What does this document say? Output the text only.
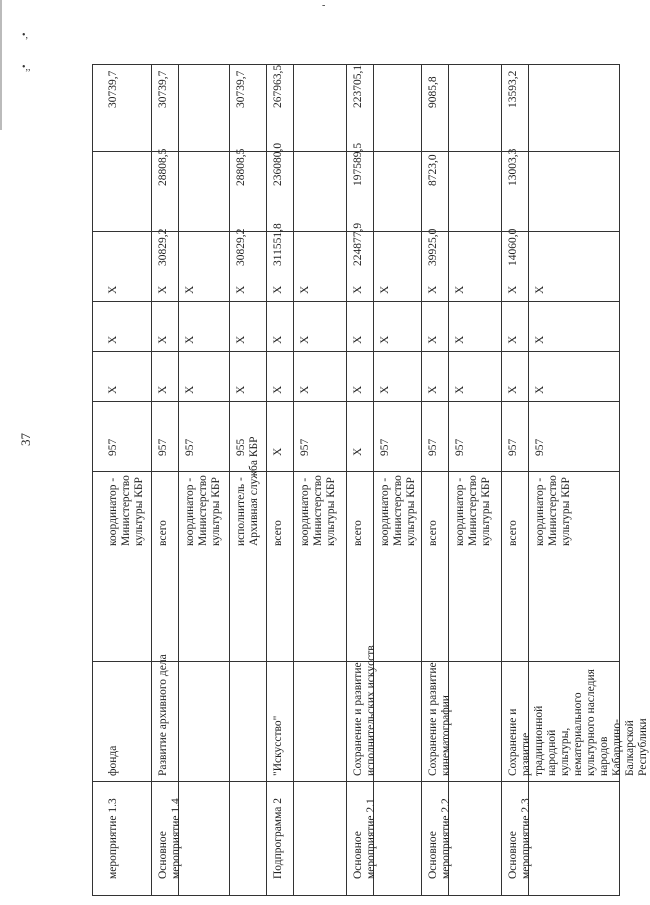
•,
•,,
-
37
мероприятие 1.3
фонда
координатор -
Министерство
культуры КБР
957
X
X
X
30739,7
Основное
мероприятие 1.4
Развитие архивного дела
всего
957
X
X
X
30829,2
28808,5
30739,7
координатор -
Министерство
культуры КБР
957
X
X
X
исполнитель -
Архивная служба КБР
955
X
X
X
30829,2
28808,5
30739,7
Подпрограмма 2
"Искусство"
всего
X
X
X
X
311551,8
236080,0
267963,5
координатор -
Министерство
культуры КБР
957
X
X
X
Основное
мероприятие 2.1
Сохранение и развитие
исполнительских искусств
всего
X
X
X
X
224877,9
197589,5
223705,1
координатор -
Министерство
культуры КБР
957
X
X
X
Основное
мероприятие 2.2
Сохранение и развитие
кинематографии
всего
957
X
X
X
39925,0
8723,0
9085,8
координатор -
Министерство
культуры КБР
957
X
X
X
Основное
мероприятие 2.3
Сохранение и развитие
традиционной народной
культуры, нематериального
культурного наследия народов
Кабардино-Балкарской
Республики
всего
957
X
X
X
14060,0
13003,3
13593,2
координатор -
Министерство
культуры КБР
957
X
X
X
